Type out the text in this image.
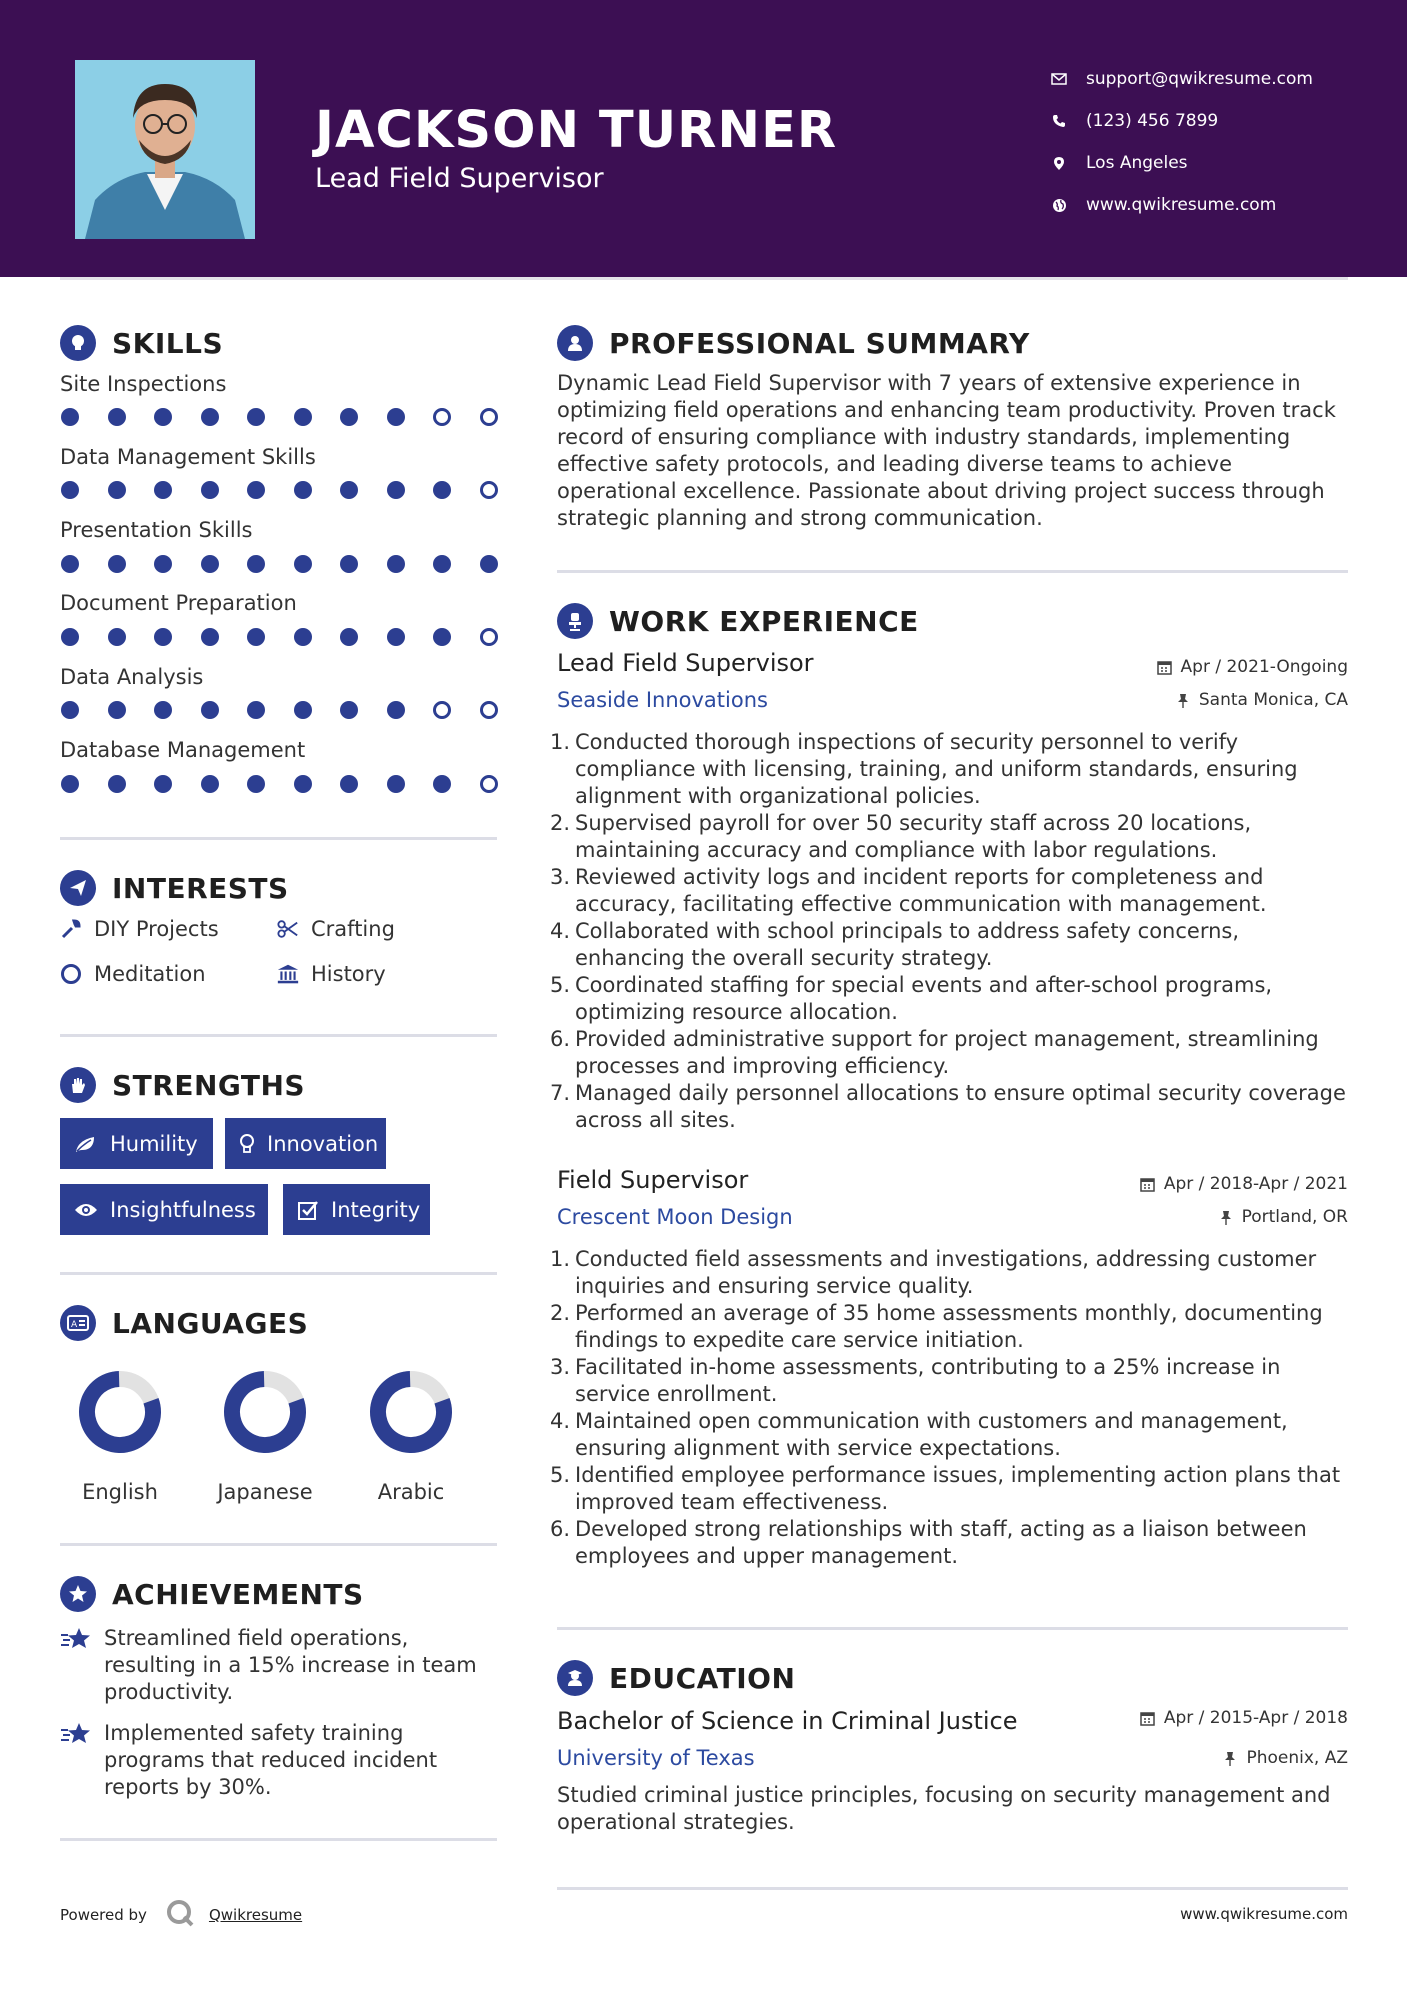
JACKSON TURNER
Lead Field Supervisor
support@qwikresume.com
(123) 456 7899
Los Angeles
www.qwikresume.com
SKILLS
Site Inspections
Data Management Skills
Presentation Skills
Document Preparation
Data Analysis
Database Management
INTERESTS
DIY Projects	Crafting
Meditation	History
STRENGTHS
Humility	Innovation
Insightfulness	Integrity
A LANGUAGES
English	Japanese	Arabic
ACHIEVEMENTS
Streamlined field operations, resulting in a 15% increase in team productivity.
Implemented safety training programs that reduced incident reports by 30%.
PROFESSIONAL SUMMARY
Dynamic Lead Field Supervisor with 7 years of extensive experience in optimizing field operations and enhancing team productivity. Proven track record of ensuring compliance with industry standards, implementing effective safety protocols, and leading diverse teams to achieve operational excellence. Passionate about driving project success through strategic planning and strong communication.
WORK EXPERIENCE
Lead Field Supervisor	Apr / 2021-Ongoing
Seaside Innovations	Santa Monica, CA
1. Conducted thorough inspections of security personnel to verify compliance with licensing, training, and uniform standards, ensuring alignment with organizational policies.
2. Supervised payroll for over 50 security staff across 20 locations, maintaining accuracy and compliance with labor regulations.
3. Reviewed activity logs and incident reports for completeness and accuracy, facilitating effective communication with management.
4. Collaborated with school principals to address safety concerns, enhancing the overall security strategy.
5. Coordinated staffing for special events and after-school programs, optimizing resource allocation.
6. Provided administrative support for project management, streamlining processes and improving efficiency.
7. Managed daily personnel allocations to ensure optimal security coverage across all sites.
Field Supervisor	Apr / 2018-Apr / 2021
Crescent Moon Design	Portland, OR
1. Conducted field assessments and investigations, addressing customer inquiries and ensuring service quality.
2. Performed an average of 35 home assessments monthly, documenting findings to expedite care service initiation.
3. Facilitated in-home assessments, contributing to a 25% increase in service enrollment.
4. Maintained open communication with customers and management, ensuring alignment with service expectations.
5. Identified employee performance issues, implementing action plans that improved team effectiveness.
6. Developed strong relationships with staff, acting as a liaison between employees and upper management.
EDUCATION
Bachelor of Science in Criminal Justice	Apr / 2015-Apr / 2018
University of Texas	Phoenix, AZ
Studied criminal justice principles, focusing on security management and operational strategies.
Powered by	Qwikresume	www.qwikresume.com
